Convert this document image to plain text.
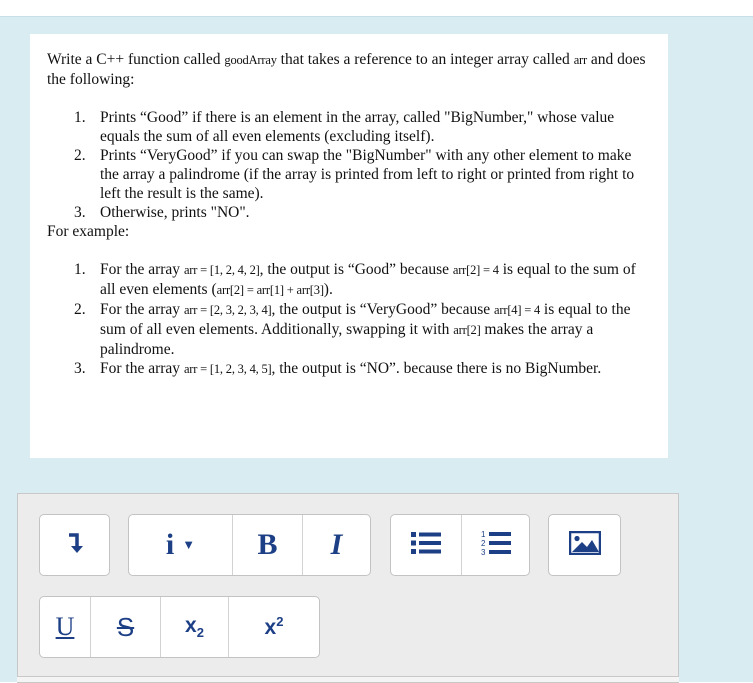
Write a C++ function called goodArray that takes a reference to an integer array called arr and does the following:

1. Prints “Good” if there is an element in the array, called "BigNumber," whose value equals the sum of all even elements (excluding itself).
2. Prints “VeryGood” if you can swap the "BigNumber" with any other element to make the array a palindrome (if the array is printed from left to right or printed from right to left the result is the same).
3. Otherwise, prints "NO".

For example:

1. For the array arr = [1, 2, 4, 2], the output is “Good” because arr[2] = 4 is equal to the sum of all even elements (arr[2] = arr[1] + arr[3]).
2. For the array arr = [2, 3, 2, 3, 4], the output is “VeryGood” because arr[4] = 4 is equal to the sum of all even elements. Additionally, swapping it with arr[2] makes the array a palindrome.
3. For the array arr = [1, 2, 3, 4, 5], the output is “NO”. because there is no BigNumber.
i ▼ B I	1
2
3
U S $x_2$	$x^2$
